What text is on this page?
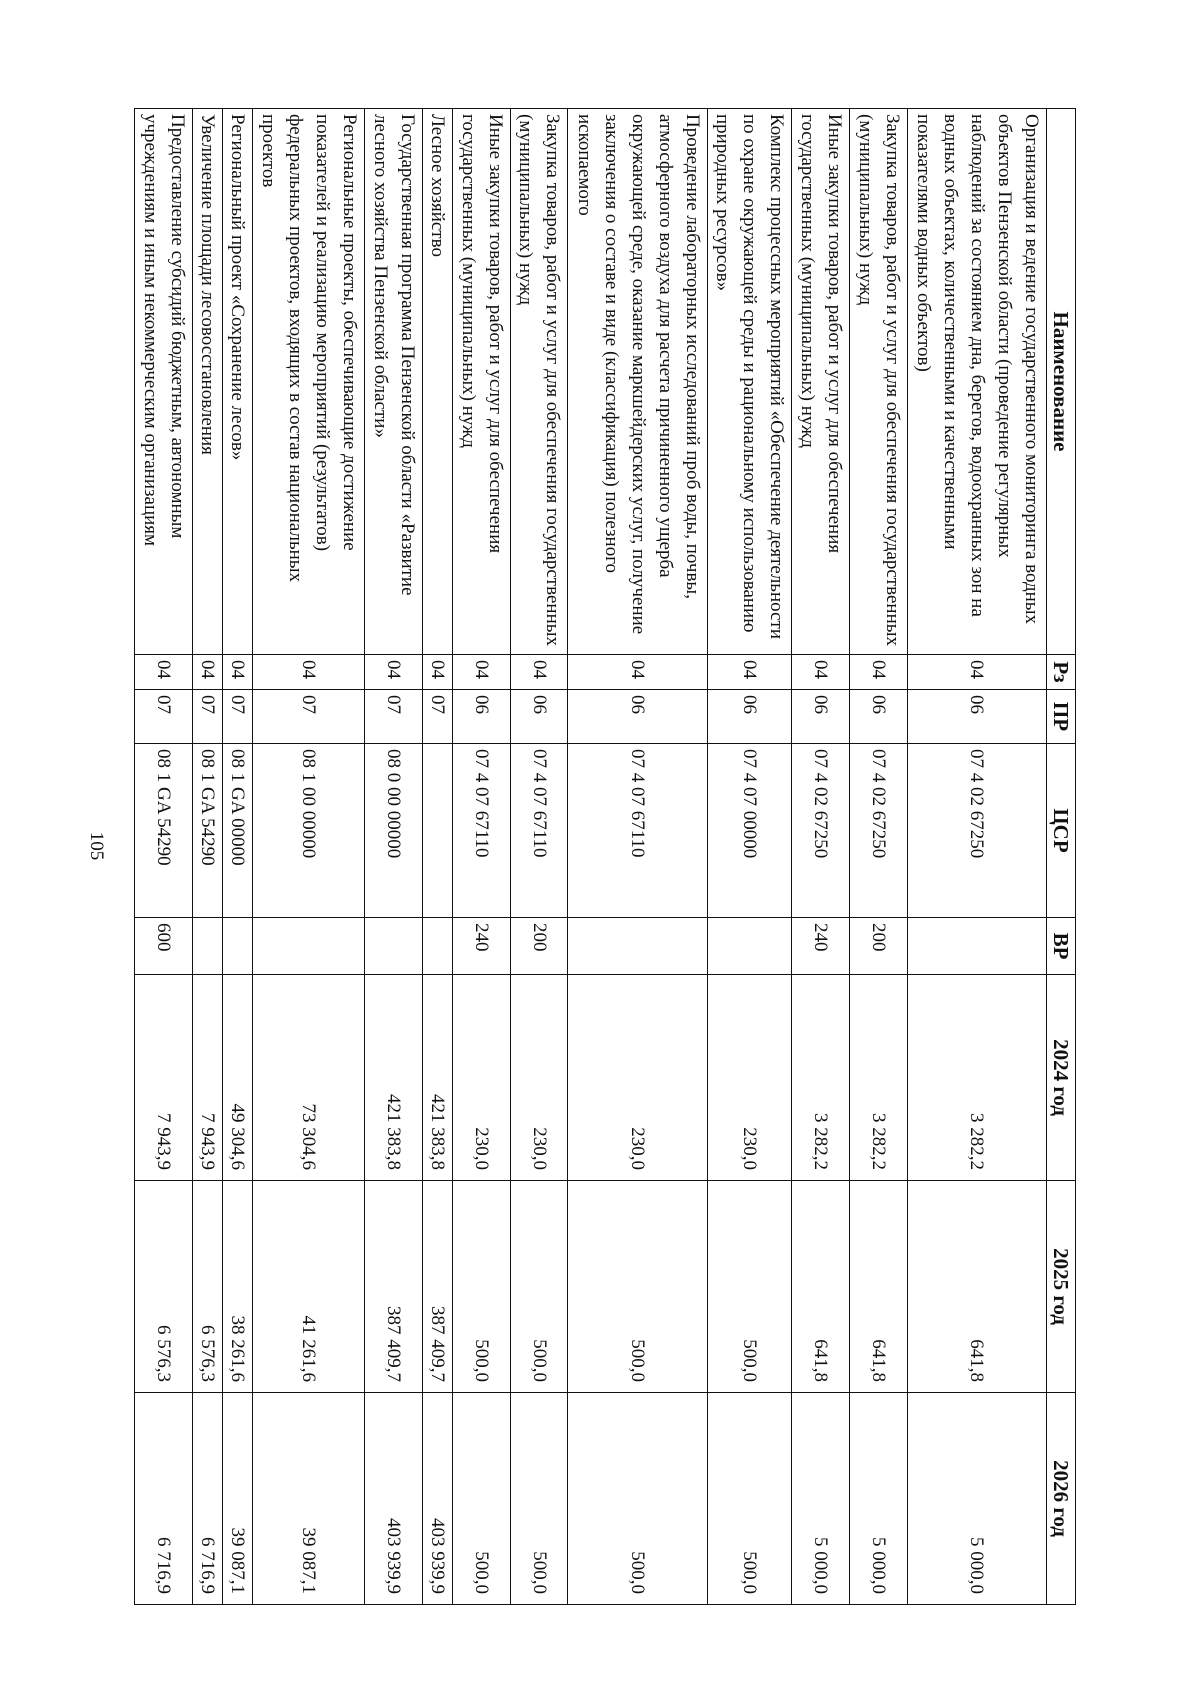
105
Наименование	Рз	ПР	ЦСР	ВР	2024 год	2025 год	2026 год
Организация и ведение государственного мониторинга водных объектов Пензенской области (проведение регулярных наблюдений за состоянием дна, берегов, водоохранных зон на водных объектах, количественными и качественными показателями водных объектов)	04	06	07 4 02 67250		3 282,2	641,8	5 000,0
Закупка товаров, работ и услуг для обеспечения государственных (муниципальных) нужд	04	06	07 4 02 67250	200	3 282,2	641,8	5 000,0
Иные закупки товаров, работ и услуг для обеспечения государственных (муниципальных) нужд	04	06	07 4 02 67250	240	3 282,2	641,8	5 000,0
Комплекс процессных мероприятий «Обеспечение деятельности по охране окружающей среды и рациональному использованию природных ресурсов»	04	06	07 4 07 00000		230,0	500,0	500,0
Проведение лабораторных исследований проб воды, почвы, атмосферного воздуха для расчета причиненного ущерба окружающей среде, оказание маркшейдерских услуг, получение заключения о составе и виде (классификация) полезного ископаемого	04	06	07 4 07 67110		230,0	500,0	500,0
Закупка товаров, работ и услуг для обеспечения государственных (муниципальных) нужд	04	06	07 4 07 67110	200	230,0	500,0	500,0
Иные закупки товаров, работ и услуг для обеспечения государственных (муниципальных) нужд	04	06	07 4 07 67110	240	230,0	500,0	500,0
Лесное хозяйство	04	07			421 383,8	387 409,7	403 939,9
Государственная программа Пензенской области «Развитие лесного хозяйства Пензенской области»	04	07	08 0 00 00000		421 383,8	387 409,7	403 939,9
Региональные проекты, обеспечивающие достижение показателей и реализацию мероприятий (результатов) федеральных проектов, входящих в состав национальных проектов	04	07	08 1 00 00000		73 304,6	41 261,6	39 087,1
Региональный проект «Сохранение лесов»	04	07	08 1 GA 00000		49 304,6	38 261,6	39 087,1
Увеличение площади лесовосстановления	04	07	08 1 GA 54290		7 943,9	6 576,3	6 716,9
Предоставление субсидий бюджетным, автономным учреждениям и иным некоммерческим организациям	04	07	08 1 GA 54290	600	7 943,9	6 576,3	6 716,9
